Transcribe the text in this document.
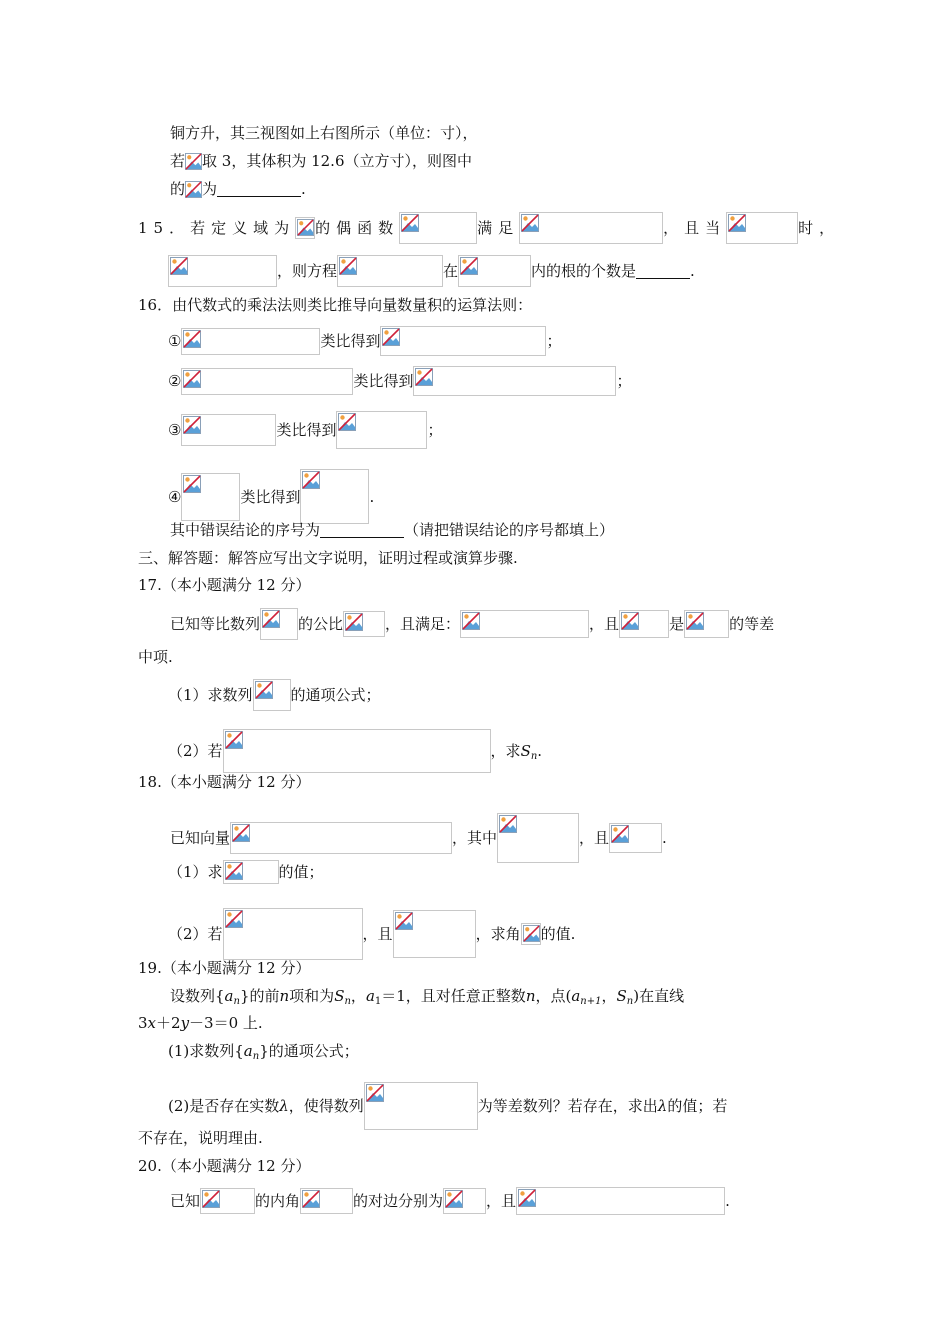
铜方升，其三视图如上右图所示（单位：寸），
若 取 3，其体积为 12.6（立方寸），则图中
的 为	.
15．若定义域为 的偶函数	满足	，且当	时，
，则方程	在	内的根的个数是	.
16．由代数式的乘法法则类比推导向量数量积的运算法则：
①	类比得到	；
②	类比得到	；
③	类比得到	；
④	类比得到	.
其中错误结论的序号为	（请把错误结论的序号都填上）
三、解答题：解答应写出文字说明，证明过程或演算步骤.
17.（本小题满分 12 分）
已知等比数列	的公比	，且满足：	，且	是	的等差
中项.
（1）求数列	的通项公式；
（2）若	，求Sn.
18.（本小题满分 12 分）
已知向量	，其中	，且	.
（1）求	的值；
（2）若	，且	，求角 的值.
19.（本小题满分 12 分）
设数列{an}的前n项和为Sn，a1＝1，且对任意正整数n，点(an+1，Sn)在直线
3x＋2y－3＝0 上.
(1)求数列{an}的通项公式；
(2)是否存在实数λ，使得数列	为等差数列？若存在，求出λ的值；若
不存在，说明理由.
20.（本小题满分 12 分）
已知	的内角	的对边分别为	，且	.
